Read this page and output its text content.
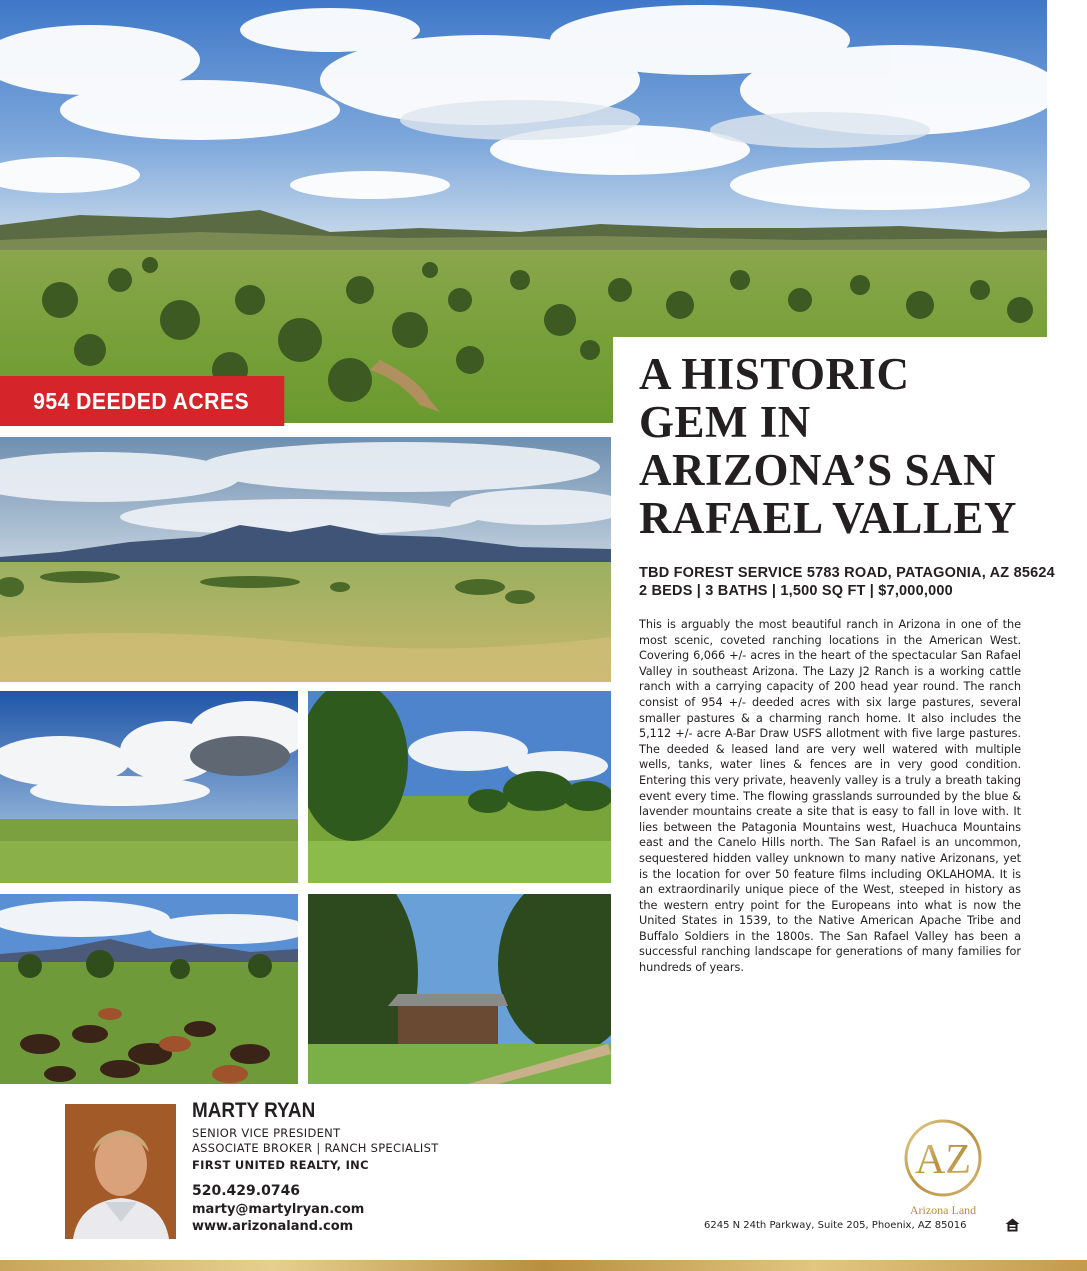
954 DEEDED ACRES
A HISTORIC
GEM IN
ARIZONA’S SAN
RAFAEL VALLEY
TBD FOREST SERVICE 5783 ROAD, PATAGONIA, AZ 85624
2 BEDS | 3 BATHS | 1,500 SQ FT | $7,000,000

This is arguably the most beautiful ranch in Arizona in one of the most scenic, coveted ranching locations in the American West. Covering 6,066 +/- acres in the heart of the spectacular San Rafael Valley in southeast Arizona. The Lazy J2 Ranch is a working cattle ranch with a carrying capacity of 200 head year round. The ranch consist of 954 +/- deeded acres with six large pastures, several smaller pastures & a charming ranch home. It also includes the 5,112 +/- acre A-Bar Draw USFS allotment with five large pastures. The deeded & leased land are very well watered with multiple wells, tanks, water lines & fences are in very good condition. Entering this very private, heavenly valley is a truly a breath taking event every time. The flowing grasslands surrounded by the blue & lavender mountains create a site that is easy to fall in love with. It lies between the Patagonia Mountains west, Huachuca Mountains east and the Canelo Hills north. The San Rafael is an uncommon, sequestered hidden valley unknown to many native Arizonans, yet is the location for over 50 feature films including OKLAHOMA. It is an extraordinarily unique piece of the West, steeped in history as the western entry point for the Europeans into what is now the United States in 1539, to the Native American Apache Tribe and Buffalo Soldiers in the 1800s. The San Rafael Valley has been a successful ranching landscape for generations of many families for hundreds of years.

MARTY RYAN
SENIOR VICE PRESIDENT
ASSOCIATE BROKER | RANCH SPECIALIST
FIRST UNITED REALTY, INC
520.429.0746
marty@martylryan.com
www.arizonaland.com
AZ
Arizona Land
6245 N 24th Parkway, Suite 205, Phoenix, AZ 85016
